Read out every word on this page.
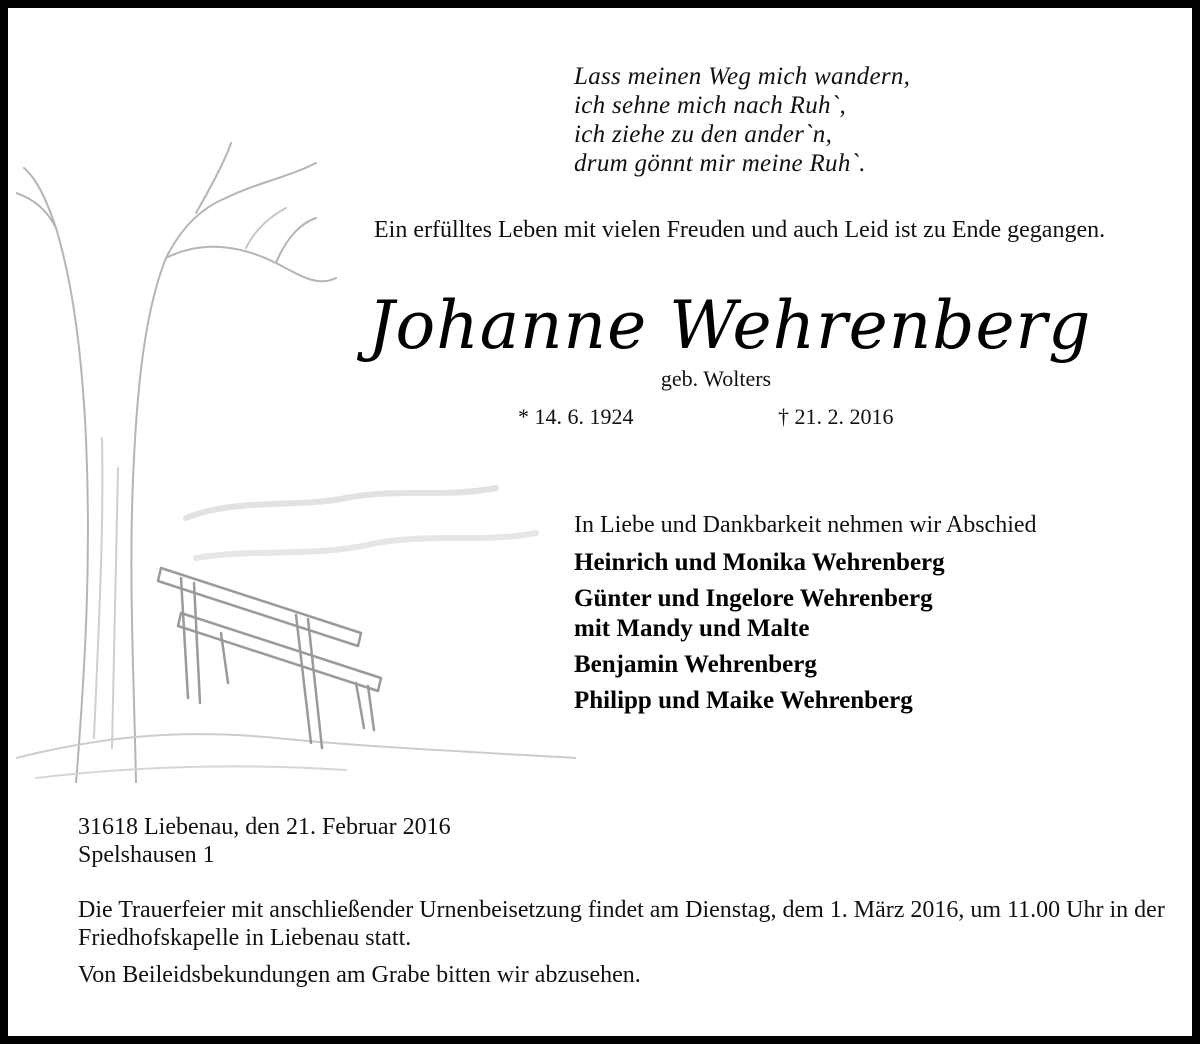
Lass meinen Weg mich wandern,
ich sehne mich nach Ruh`,
ich ziehe zu den ander`n,
drum gönnt mir meine Ruh`.
Ein erfülltes Leben mit vielen Freuden und auch Leid ist zu Ende gegangen.
Johanne Wehrenberg
geb. Wolters
* 14. 6. 1924	† 21. 2. 2016
In Liebe und Dankbarkeit nehmen wir Abschied
Heinrich und Monika Wehrenberg
Günter und Ingelore Wehrenberg
mit Mandy und Malte
Benjamin Wehrenberg
Philipp und Maike Wehrenberg
31618 Liebenau, den 21. Februar 2016
Spelshausen 1

Die Trauerfeier mit anschließender Urnenbeisetzung findet am Dienstag, dem 1. März 2016, um 11.00 Uhr in der Friedhofskapelle in Liebenau statt.

Von Beileidsbekundungen am Grabe bitten wir abzusehen.
